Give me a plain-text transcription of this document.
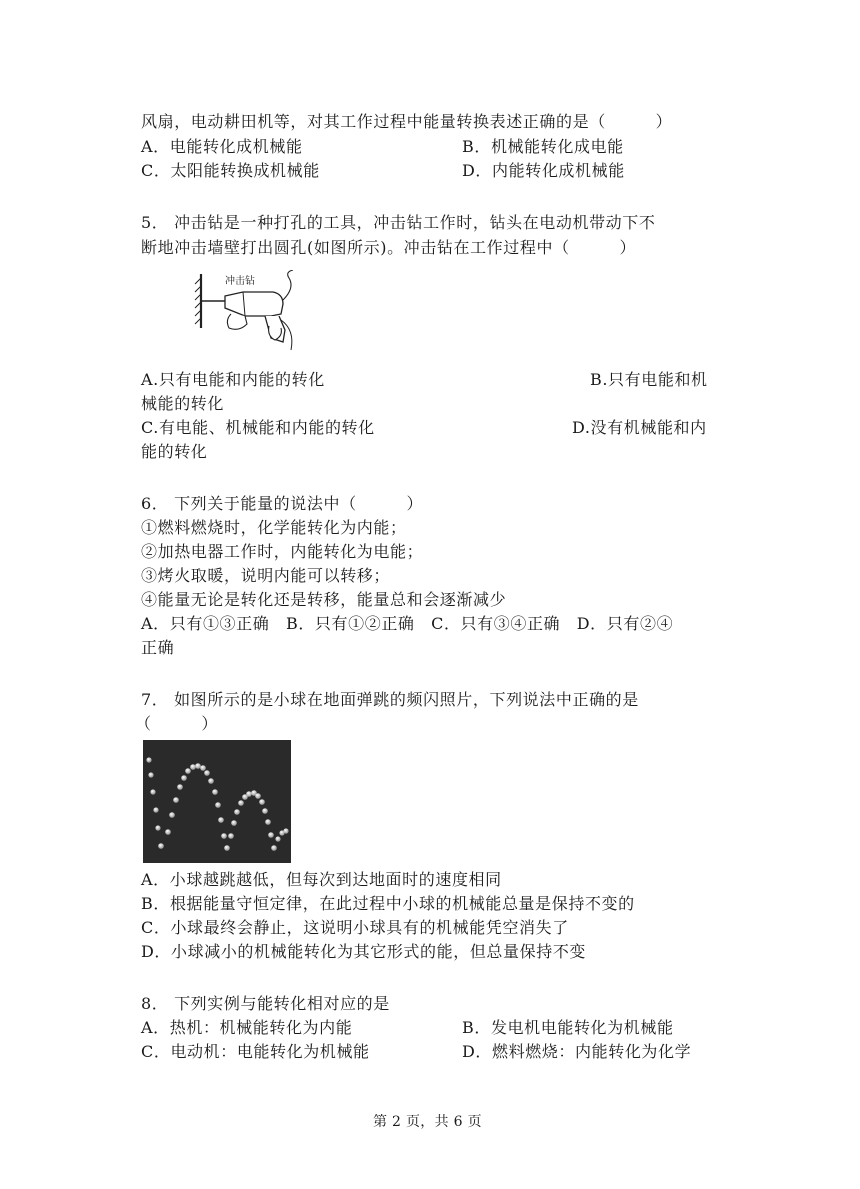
风扇，电动耕田机等，对其工作过程中能量转换表述正确的是（　　　）
A．电能转化成机械能	B．机械能转化成电能
C．太阳能转换成机械能	D．内能转化成机械能
5． 冲击钻是一种打孔的工具，冲击钻工作时，钻头在电动机带动下不
断地冲击墙壁打出圆孔(如图所示)。冲击钻在工作过程中（　　　）
冲击钻
A.只有电能和内能的转化	B.只有电能和机
械能的转化
C.有电能、机械能和内能的转化	D.没有机械能和内
能的转化
6． 下列关于能量的说法中（　　　）
①燃料燃烧时，化学能转化为内能；
②加热电器工作时，内能转化为电能；
③烤火取暖，说明内能可以转移；
④能量无论是转化还是转移，能量总和会逐渐减少
A．只有①③正确　B．只有①②正确　C．只有③④正确　D．只有②④
正确
7． 如图所示的是小球在地面弹跳的频闪照片，下列说法中正确的是
（　　　）
A．小球越跳越低，但每次到达地面时的速度相同
B．根据能量守恒定律，在此过程中小球的机械能总量是保持不变的
C．小球最终会静止，这说明小球具有的机械能凭空消失了
D．小球减小的机械能转化为其它形式的能，但总量保持不变
8． 下列实例与能转化相对应的是
A．热机：机械能转化为内能	B．发电机电能转化为机械能
C．电动机：电能转化为机械能	D．燃料燃烧：内能转化为化学
第 2 页，共 6 页
